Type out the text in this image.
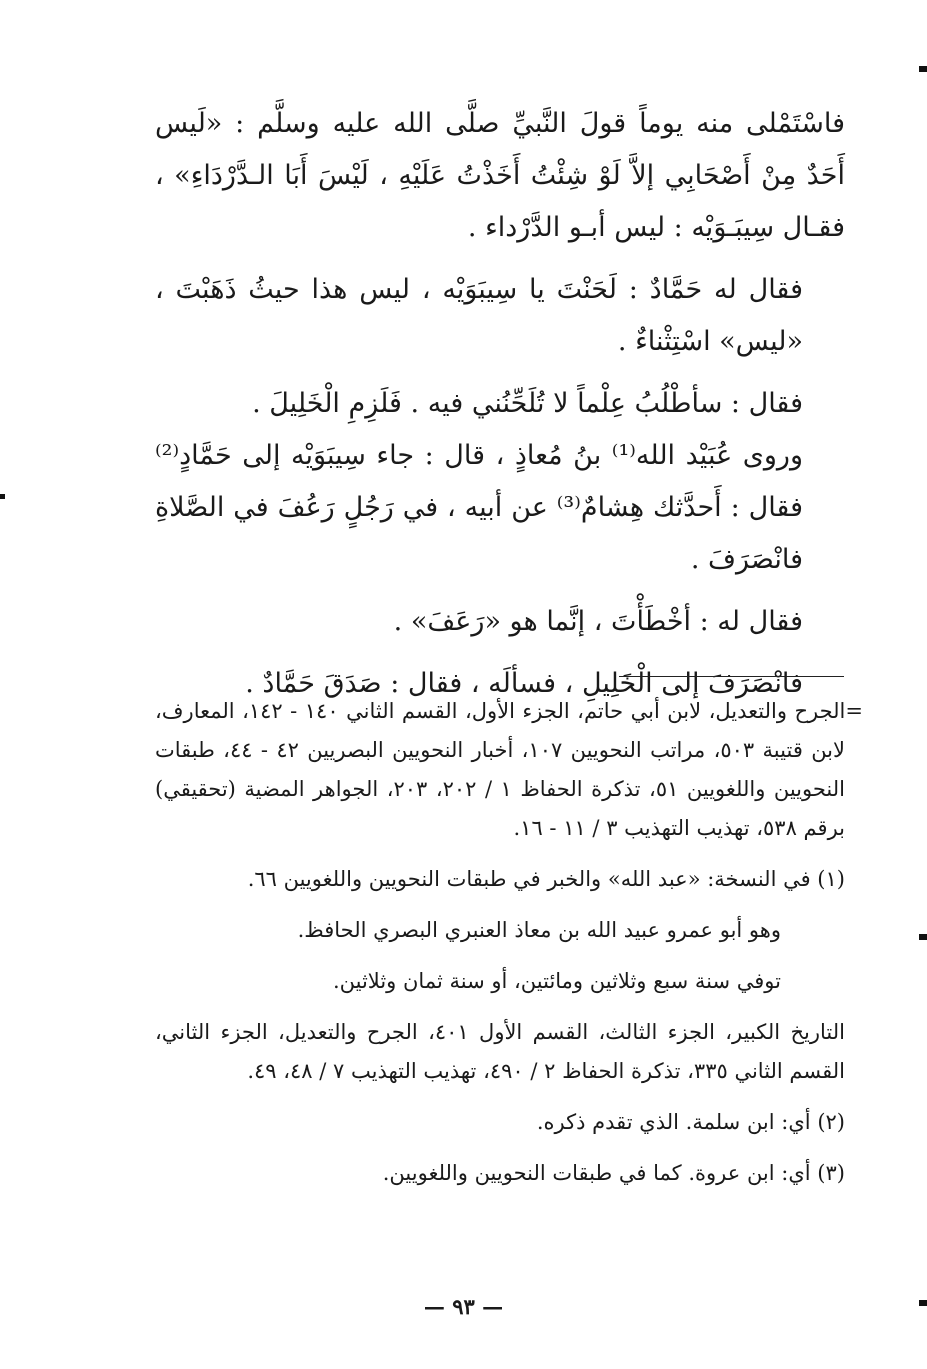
فاسْتَمْلى منه يوماً قولَ النَّبيِّ صلَّى الله عليه وسلَّم : «لَيس أَحَدٌ مِنْ أَصْحَابِي إلاَّ لَوْ شِئْتُ أَخَذْتُ عَلَيْهِ ، لَيْسَ أَبَا الـدَّرْدَاءِ» ، فقـال سِيبَـوَيْه : ليس أبـو الدَّرْداء .

فقال له حَمَّادٌ : لَحَنْتَ يا سِيبَوَيْه ، ليس هذا حيثُ ذَهَبْتَ ، «ليس» اسْتِثْناءٌ .

فقال : سأطْلُبُ عِلْماً لا تُلَحِّنُني فيه . فَلَزِمِ الْخَلِيلَ .

وروى عُبَيْد الله⁽¹⁾ بنُ مُعاذٍ ، قال : جاء سِيبَوَيْه إلى حَمَّادٍ⁽²⁾ فقال : أَحدَّثك هِشامٌ⁽³⁾ عن أبيه ، في رَجُلٍ رَعُفَ في الصَّلاةِ فانْصَرَفَ .

فقال له : أخْطَأْتَ ، إنَّما هو «رَعَفَ» .

فانْصَرَفَ إلى الْخَلِيلِ ، فسألَه ، فقال : صَدَقَ حَمَّادٌ .

=الجرح والتعديل، لابن أبي حاتم، الجزء الأول، القسم الثاني ١٤٠ - ١٤٢، المعارف، لابن قتيبة ٥٠٣، مراتب النحويين ١٠٧، أخبار النحويين البصريين ٤٢ - ٤٤، طبقات النحويين واللغويين ٥١، تذكرة الحفاظ ١ / ٢٠٢، ٢٠٣، الجواهر المضية (تحقيقي) برقم ٥٣٨، تهذيب التهذيب ٣ / ١١ - ١٦.

(١) في النسخة: «عبد الله» والخبر في طبقات النحويين واللغويين ٦٦.

وهو أبو عمرو عبيد الله بن معاذ العنبري البصري الحافظ.

توفي سنة سبع وثلاثين ومائتين، أو سنة ثمان وثلاثين.

التاريخ الكبير، الجزء الثالث، القسم الأول ٤٠١، الجرح والتعديل، الجزء الثاني، القسم الثاني ٣٣٥، تذكرة الحفاظ ٢ / ٤٩٠، تهذيب التهذيب ٧ / ٤٨، ٤٩.

(٢) أي: ابن سلمة. الذي تقدم ذكره.

(٣) أي: ابن عروة. كما في طبقات النحويين واللغويين.

— ٩٣ —
